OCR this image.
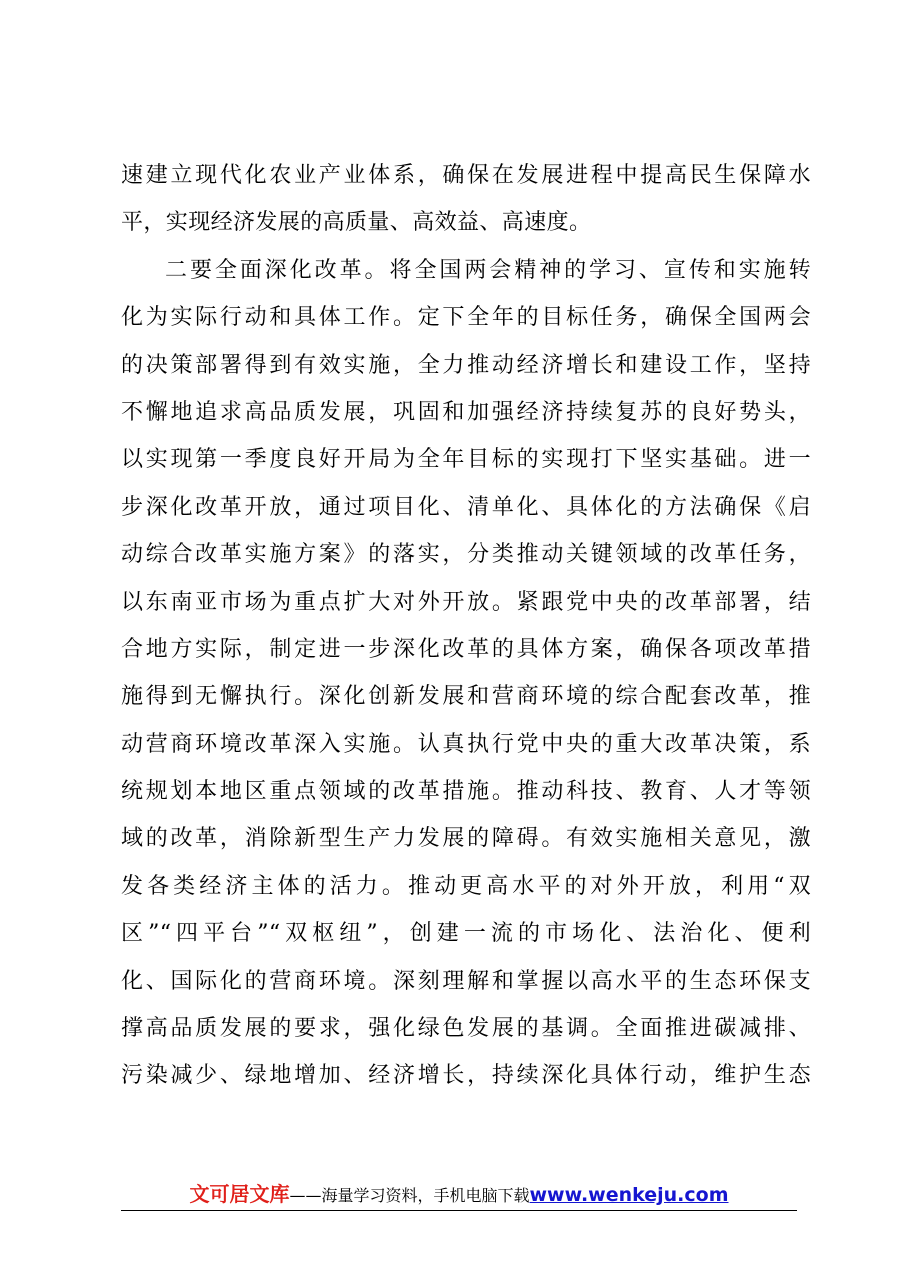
速建立现代化农业产业体系，确保在发展进程中提高民生保障水
平，实现经济发展的高质量、高效益、高速度。
二要全面深化改革。将全国两会精神的学习、宣传和实施转
化为实际行动和具体工作。定下全年的目标任务，确保全国两会
的决策部署得到有效实施，全力推动经济增长和建设工作，坚持
不懈地追求高品质发展，巩固和加强经济持续复苏的良好势头，
以实现第一季度良好开局为全年目标的实现打下坚实基础。进一
步深化改革开放，通过项目化、清单化、具体化的方法确保《启
动综合改革实施方案》的落实，分类推动关键领域的改革任务，
以东南亚市场为重点扩大对外开放。紧跟党中央的改革部署，结
合地方实际，制定进一步深化改革的具体方案，确保各项改革措
施得到无懈执行。深化创新发展和营商环境的综合配套改革，推
动营商环境改革深入实施。认真执行党中央的重大改革决策，系
统规划本地区重点领域的改革措施。推动科技、教育、人才等领
域的改革，消除新型生产力发展的障碍。有效实施相关意见，激
发各类经济主体的活力。推动更高水平的对外开放，利用“双
区”“四平台”“双枢纽”，创建一流的市场化、法治化、便利
化、国际化的营商环境。深刻理解和掌握以高水平的生态环保支
撑高品质发展的要求，强化绿色发展的基调。全面推进碳减排、
污染减少、绿地增加、经济增长，持续深化具体行动，维护生态
文可居文库——海量学习资料，手机电脑下载www.wenkeju.com
